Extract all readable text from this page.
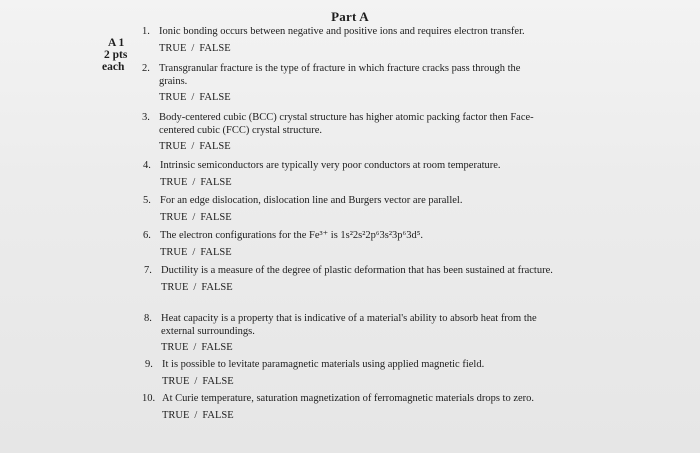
Part A
A 1
2 pts
each
1. Ionic bonding occurs between negative and positive ions and requires electron transfer.
TRUE / FALSE
2. Transgranular fracture is the type of fracture in which fracture cracks pass through the grains.
TRUE / FALSE
3. Body-centered cubic (BCC) crystal structure has higher atomic packing factor then Face-centered cubic (FCC) crystal structure.
TRUE / FALSE
4. Intrinsic semiconductors are typically very poor conductors at room temperature.
TRUE / FALSE
5. For an edge dislocation, dislocation line and Burgers vector are parallel.
TRUE / FALSE
6. The electron configurations for the Fe³⁺ is 1s²2s²2p⁶3s²3p⁶3d⁵.
TRUE / FALSE
7. Ductility is a measure of the degree of plastic deformation that has been sustained at fracture.
TRUE / FALSE
8. Heat capacity is a property that is indicative of a material's ability to absorb heat from the external surroundings.
TRUE / FALSE
9. It is possible to levitate paramagnetic materials using applied magnetic field.
TRUE / FALSE
10. At Curie temperature, saturation magnetization of ferromagnetic materials drops to zero.
TRUE / FALSE
